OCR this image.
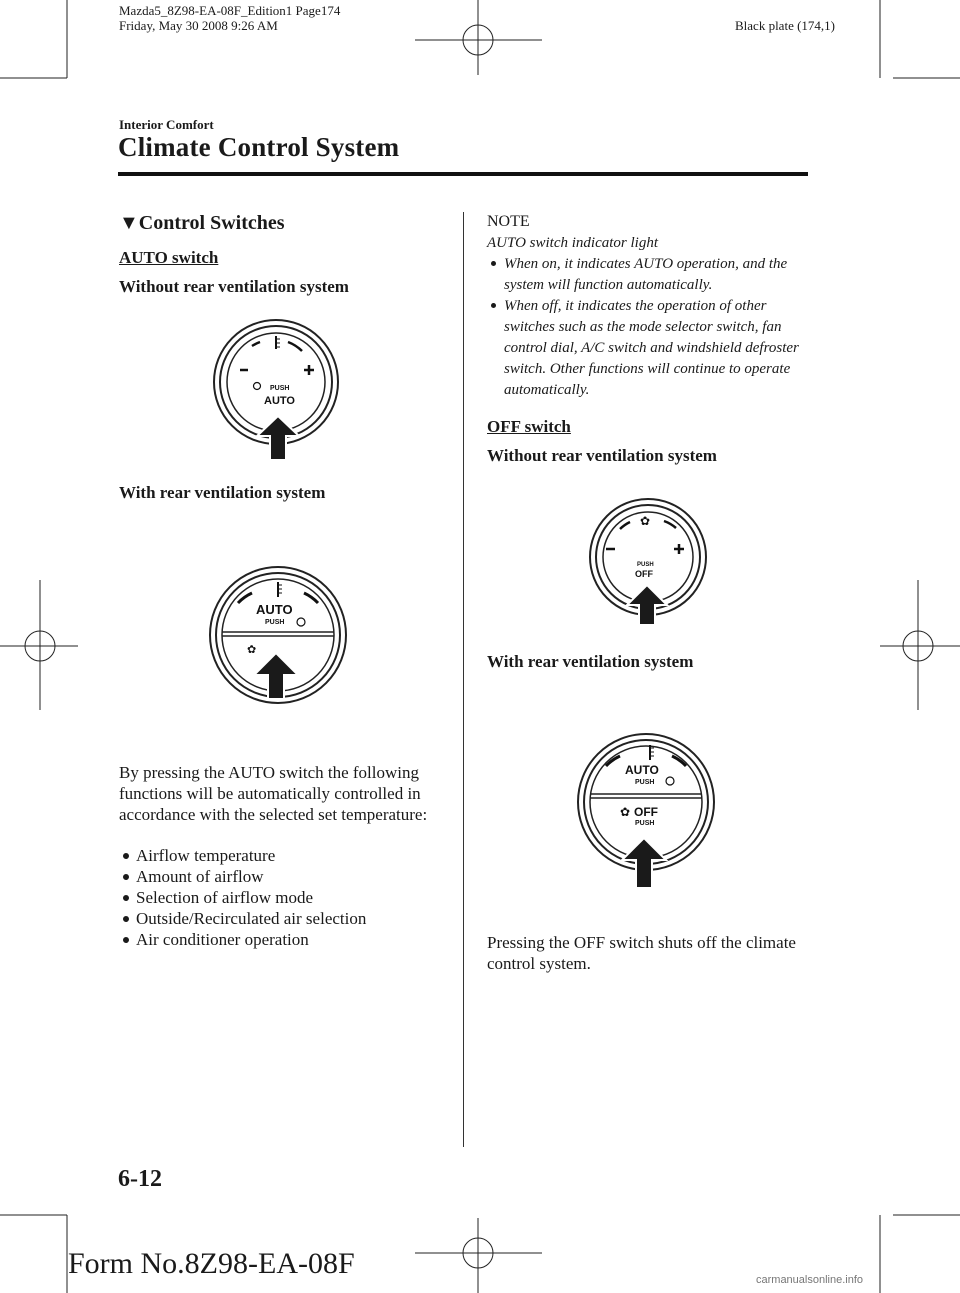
Mazda5_8Z98-EA-08F_Edition1 Page174
Friday, May 30 2008 9:26 AM	Black plate (174,1)
Interior Comfort
Climate Control System
▼Control Switches
AUTO switch
Without rear ventilation system
PUSH
AUTO
With rear ventilation system
AUTO
PUSH
✿
By pressing the AUTO switch the following functions will be automatically controlled in accordance with the selected set temperature:
Airflow temperature
Amount of airflow
Selection of airflow mode
Outside/Recirculated air selection
Air conditioner operation
NOTE
AUTO switch indicator light
When on, it indicates AUTO operation, and the system will function automatically.
When off, it indicates the operation of other switches such as the mode selector switch, fan control dial, A/C switch and windshield defroster switch. Other functions will continue to operate automatically.
OFF switch
Without rear ventilation system
✿
PUSH
OFF
With rear ventilation system
AUTO
PUSH
✿ OFF
PUSH
Pressing the OFF switch shuts off the climate control system.
6-12
Form No.8Z98-EA-08F	carmanualsonline.info
